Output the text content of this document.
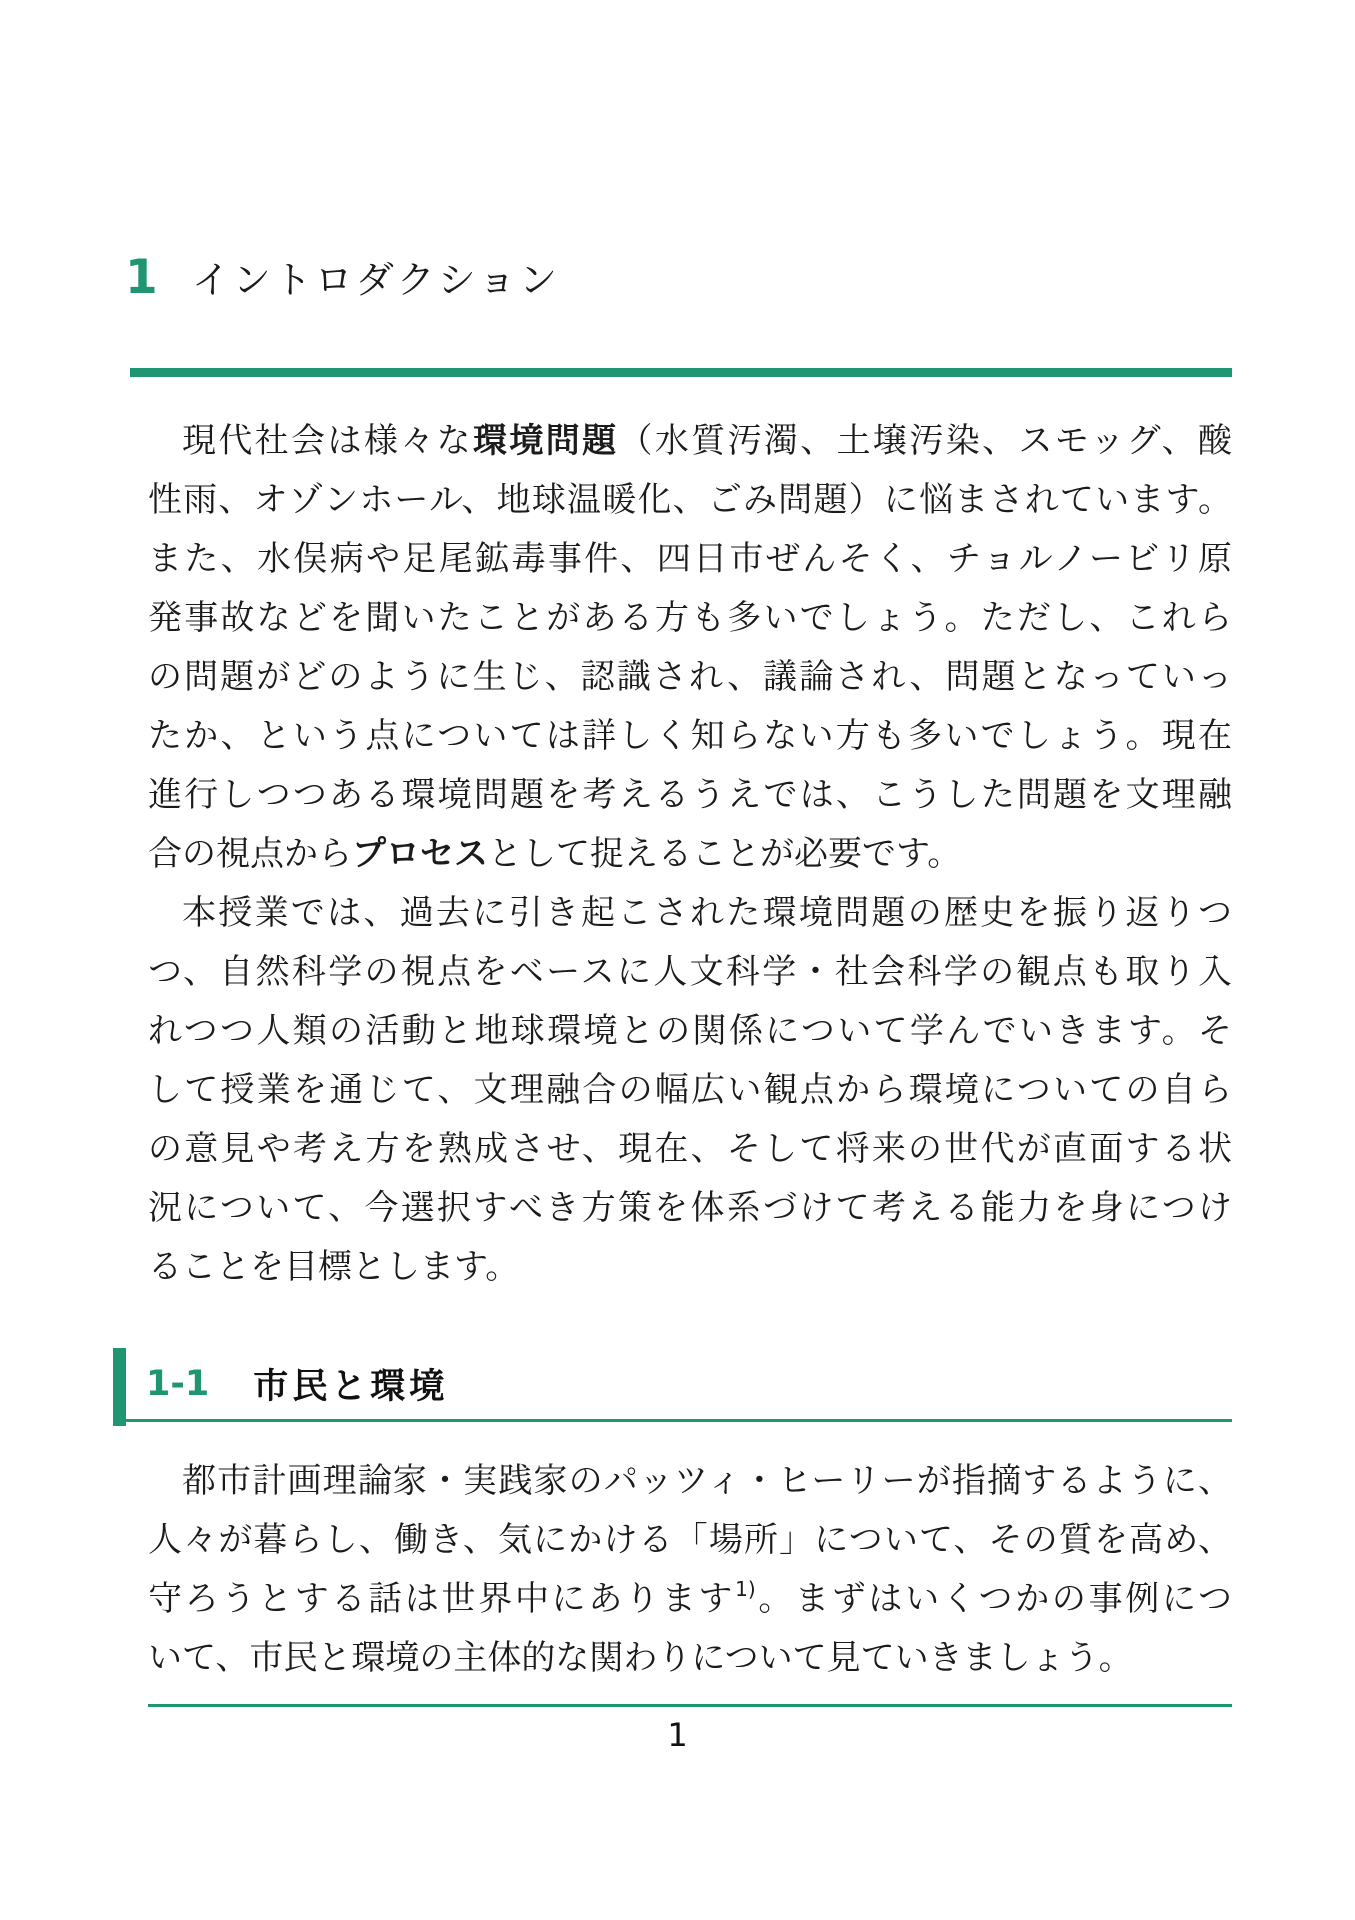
1 イントロダクション

現代社会は様々な環境問題（水質汚濁、土壌汚染、スモッグ、酸

性雨、オゾンホール、地球温暖化、ごみ問題）に悩まされています。

また、水俣病や足尾鉱毒事件、四日市ぜんそく、チョルノービリ原

発事故などを聞いたことがある方も多いでしょう。ただし、これら

の問題がどのように生じ、認識され、議論され、問題となっていっ

たか、という点については詳しく知らない方も多いでしょう。現在

進行しつつある環境問題を考えるうえでは、こうした問題を文理融

合の視点からプロセスとして捉えることが必要です。

本授業では、過去に引き起こされた環境問題の歴史を振り返りつ

つ、自然科学の視点をベースに人文科学・社会科学の観点も取り入

れつつ人類の活動と地球環境との関係について学んでいきます。そ

して授業を通じて、文理融合の幅広い観点から環境についての自ら

の意見や考え方を熟成させ、現在、そして将来の世代が直面する状

況について、今選択すべき方策を体系づけて考える能力を身につけ

ることを目標とします。

1-1 市民と環境

都市計画理論家・実践家のパッツィ・ヒーリーが指摘するように、

人々が暮らし、働き、気にかける「場所」について、その質を高め、

守ろうとする話は世界中にあります$^{1)}$。まずはいくつかの事例につ

いて、市民と環境の主体的な関わりについて見ていきましょう。

1
